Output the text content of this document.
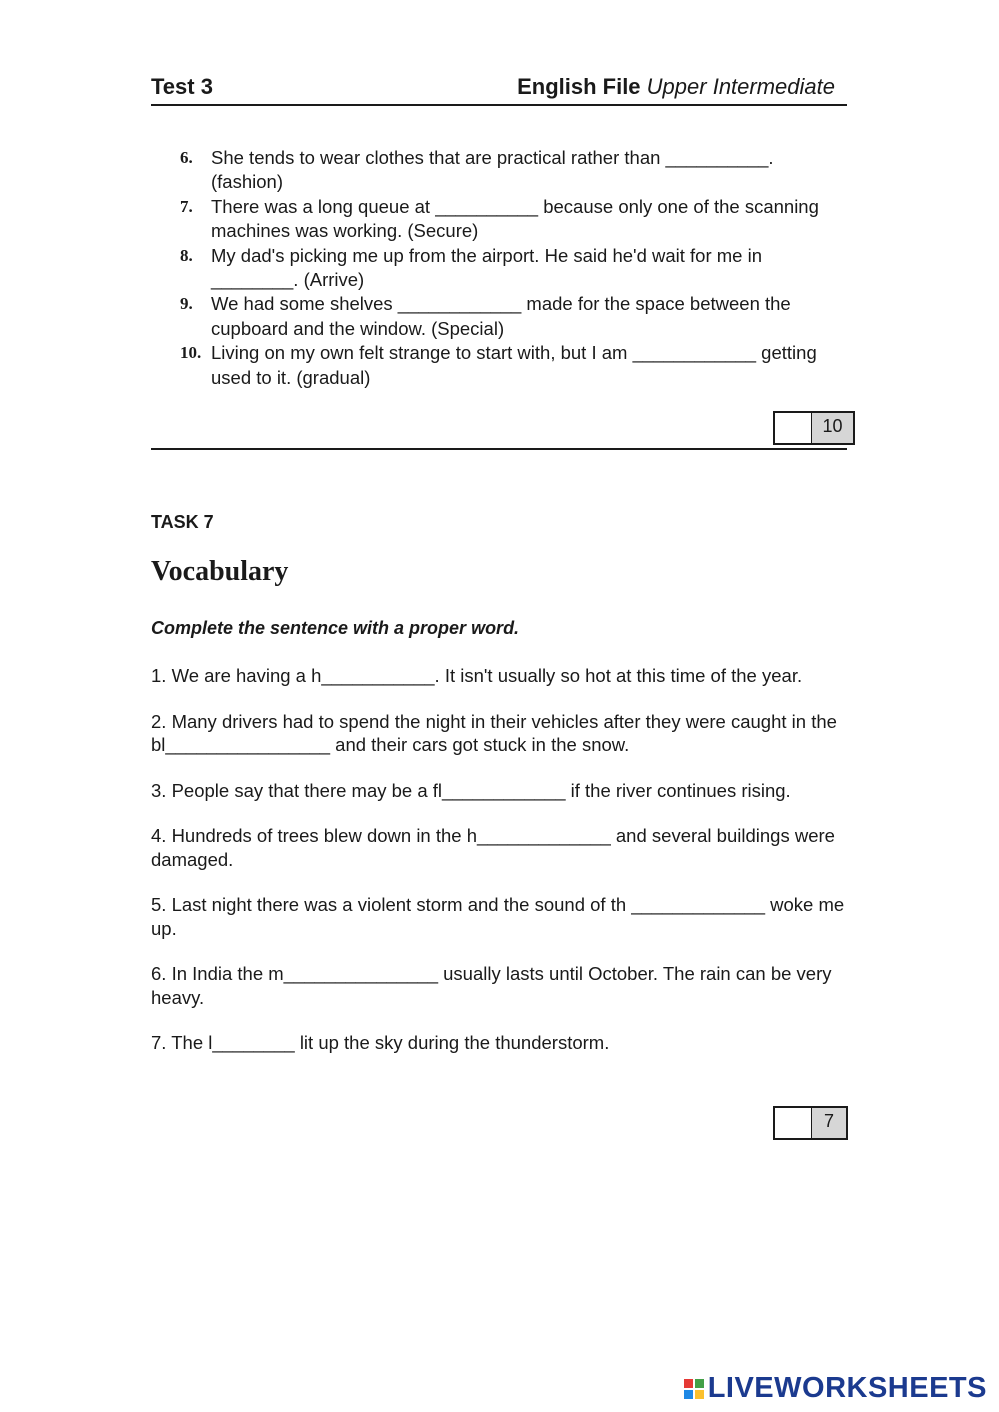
Test 3	English File Upper Intermediate
6. She tends to wear clothes that are practical rather than __________. (fashion)
7. There was a long queue at __________ because only one of the scanning machines was working. (Secure)
8. My dad's picking me up from the airport. He said he'd wait for me in ________. (Arrive)
9. We had some shelves ____________ made for the space between the cupboard and the window. (Special)
10. Living on my own felt strange to start with, but I am ____________ getting used to it. (gradual)
10
TASK 7
Vocabulary
Complete the sentence with a proper word.

1. We are having a h___________. It isn't usually so hot at this time of the year.

2. Many drivers had to spend the night in their vehicles after they were caught in the bl________________ and their cars got stuck in the snow.

3. People say that there may be a fl____________ if the river continues rising.

4. Hundreds of trees blew down in the h_____________ and several buildings were damaged.

5. Last night there was a violent storm and the sound of th _____________ woke me up.

6. In India the m_______________ usually lasts until October. The rain can be very heavy.

7. The l________ lit up the sky during the thunderstorm.

7
LIVEWORKSHEETS
